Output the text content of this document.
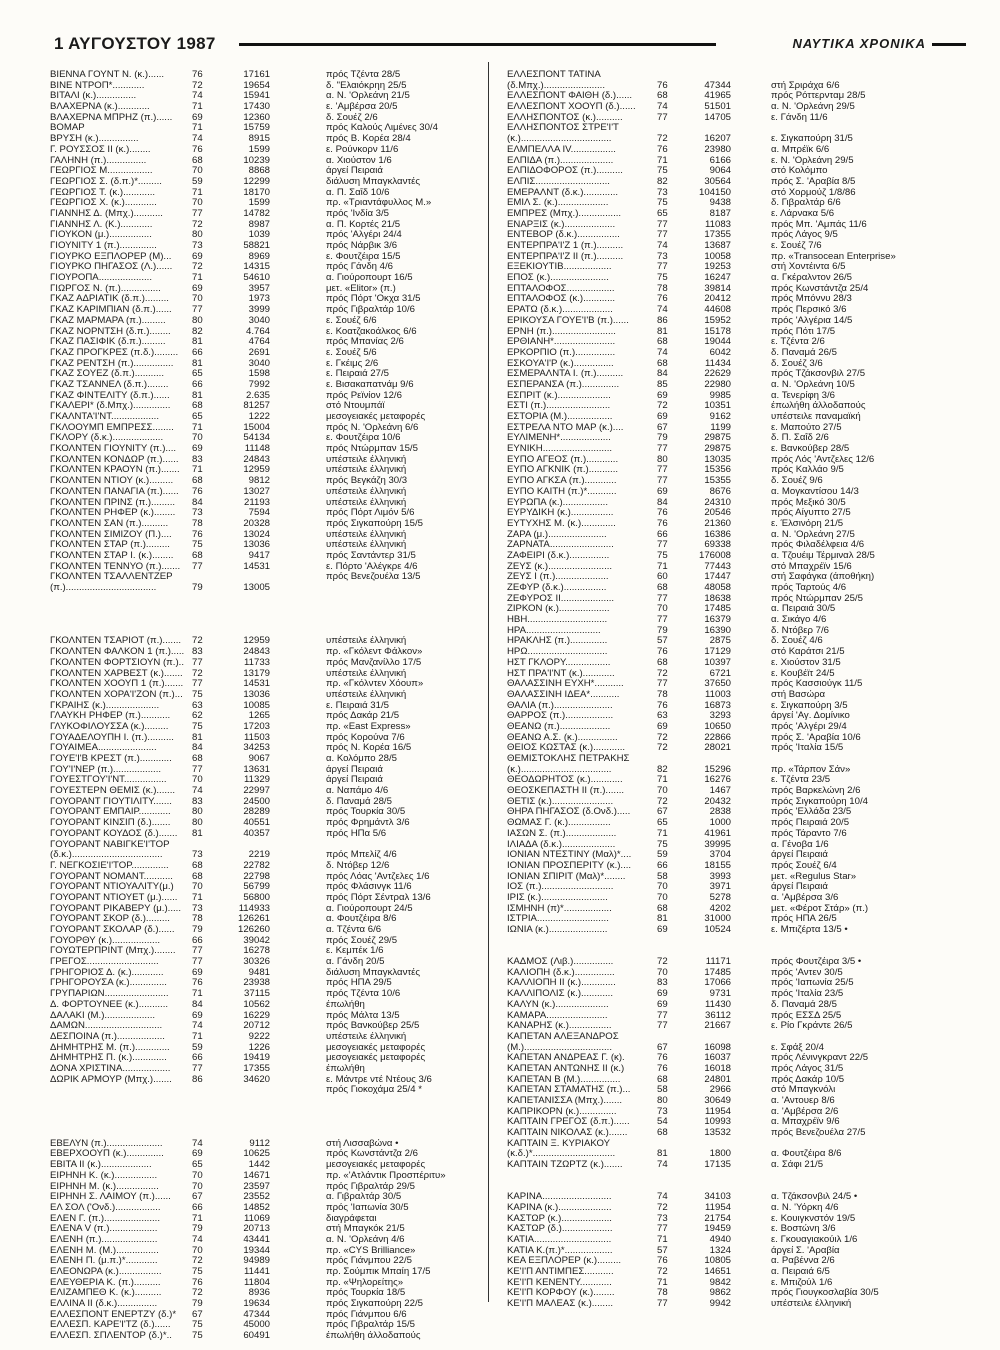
1 ΑΥΓΟΥΣΤΟΥ 1987	ΝΑΥΤΙΚΑ ΧΡΟΝΙΚΑ
ΒΙΕΝΝΑ ΓΟΥΝΤ Ν. (κ.)......	76	17161	πρός Τζέντα 28/5
ΒΙΝΕ ΝΤΡΟΠ*............	72	19654	δ. "Ελαιόκρηη 25/5
ΒΙΤΑΛΙ (κ.)...............	74	15941	α. Ν. 'Ορλεάνη 21/5
ΒΛΑΧΕΡΝΑ (κ.)............	71	17430	ε. 'Αμβέρσα 20/5
ΒΛΑΧΕΡΝΑ ΜΠΡΗΖ (π.)......	69	12360	δ. Σουέζ 2/6
ΒΟΜΑΡ	71	15759	πρός Καλούς Λιμένες 30/4
ΒΡΥΣΗ (κ.)...............	74	8915	πρός Β. Κορέα 28/4
Γ. ΡΟΥΣΣΟΣ ΙΙ (κ.)........	76	1599	ε. Ρούνκορν 11/6
ΓΑΛΗΝΗ (π.)...............	68	10239	α. Χιούστον 1/6
ΓΕΩΡΓΙΟΣ Μ.................	70	8868	άργεί Πειραιά
ΓΕΩΡΓΙΟΣ Σ. (δ.π.)*.........	59	12299	διάλυση Μπαγκλαντές
ΓΕΩΡΓΙΟΣ Τ. (κ.)............	71	18170	α. Π. Σαΐδ 10/6
ΓΕΩΡΓΙΟΣ Χ. (κ.)............	70	1599	πρ. «Τριαντάφυλλος Μ.»
ΓΙΑΝΝΗΣ Δ. (Μπχ.)...........	77	14782	πρός 'Ινδία 3/5
ΓΙΑΝΝΗΣ Λ. (Κ.)............	72	8987	α. Π. Κορτές 21/5
ΓΙΟΥΚΟΝ (μ.)................	80	1039	πρός 'Αλγέρι 24/4
ΓΙΟΥΝΙΤΥ 1 (π.)..............	73	58821	πρός Νάρβικ 3/6
ΓΙΟΥΡΚΟ ΕΞΠΛΟΡΕΡ (Μ)...	69	8969	ε. Φουτζέιρα 15/5
ΓΙΟΥΡΚΟ ΠΗΓΑΣΟΣ (Λ.)......	72	14315	πρός Γάνδη 4/6
ΓΙΟΥΡΟΠΑ....................	71	54610	α. Γιούροπουρτ 16/5
ΓΙΩΡΓΟΣ Ν. (π.)...............	69	3957	μετ. «Elitor» (π.)
ΓΚΑΖ ΑΔΡΙΑΤΙΚ (δ.π.).........	70	1973	πρός Πόρτ 'Οκχα 31/5
ΓΚΑΖ ΚΑΡΙΜΠΙΑΝ (δ.π.)......	77	3999	πρός Γιβραλτάρ 10/6
ΓΚΑΖ ΜΑΡΜΑΡΑ (π.).........	80	3040	ε. Σουέζ 6/6
ΓΚΑΖ ΝΟΡΝΤΣΗ (δ.π.)........	82	4.764	ε. Κοατζακοάλκος 6/6
ΓΚΑΖ ΠΑΣΙΦΙΚ (δ.π.).........	81	4764	πρός Μπανίας 2/6
ΓΚΑΖ ΠΡΟΓΚΡΕΣ (π.δ.).........	66	2691	ε. Σουέζ 5/6
ΓΚΑΖ ΡΕΝΤΣΗ (π.)...............	81	3040	ε. Γκέιμς 2/6
ΓΚΑΖ ΣΟΥΕΖ (δ.π.)...........	65	1598	ε. Πειραιά 27/5
ΓΚΑΖ ΤΣΑΝΝΕΛ (δ.π.)........	66	7992	ε. Βισακαπατνάμ 9/6
ΓΚΑΖ ΦΙΝΤΕΛΙΤΥ (δ.π.)......	81	2.635	πρός Ρεϊνίον 12/6
ΓΚΑΛΕΡΙ* (δ.Μπχ.)..............	68	81257	στό Ντουμπάϊ
ΓΚΑΛΝΤΑ'Ι'ΝΤ..................	65	1222	μεσογειακές μεταφορές
ΓΚΛΟΟΥΜΠ ΕΜΠΡΕΣΣ........	71	15004	πρός Ν. 'Ορλεάνη 6/6
ΓΚΛΟΡΥ (δ.κ.)...................	70	54134	ε. Φουτζέιρα 10/6
ΓΚΟΛΝΤΕΝ ΓΙΟΥΝΙΤΥ (π.)....	69	11148	πρός Ντώρμπαν 15/5
ΓΚΟΛΝΤΕΝ ΚΟΝΔΩΡ (π.)......	83	24843	υπέστειλε έλληνική
ΓΚΟΛΝΤΕΝ ΚΡΑΟΥΝ (π.).......	71	12959	υπέστειλε έλληνική
ΓΚΟΛΝΤΕΝ ΝΤΙΟΥ (κ.).........	68	9812	πρός Βεγκάζη 30/3
ΓΚΟΛΝΤΕΝ ΠΑΝΑΓΙΑ (π.)......	76	13027	υπέστειλε έλληνική
ΓΚΟΛΝΤΕΝ ΠΡΙΝΣ (π.).........	84	21193	υπέστειλε έλληνική
ΓΚΟΛΝΤΕΝ ΡΗΦΕΡ (κ.)........	73	7594	πρός Πόρτ Λιμόν 5/6
ΓΚΟΛΝΤΕΝ ΣΑΝ (π.)..........	78	20328	πρός Σιγκαπούρη 15/5
ΓΚΟΛΝΤΕΝ ΣΙΜΙΖΟΥ (Π.)....	76	13024	υπέστειλε έλληνική
ΓΚΟΛΝΤΕΝ ΣΤΑΡ (π.).........	75	13036	υπέστειλε έλληνική
ΓΚΟΛΝΤΕΝ ΣΤΑΡ Ι. (κ.)........	68	9417	πρός Σαντάντερ 31/5
ΓΚΟΛΝΤΕΝ ΤΕΝΝΥΟ (π.).......	77	14531	ε. Πόρτο 'Αλέγκρε 4/6
ΓΚΟΛΝΤΕΝ ΤΣΑΛΛΕΝΤΖΕΡ	πρός Βενεζουέλα 13/5
(π.)..................................	79	13005
ΓΚΟΛΝΤΕΝ ΤΣΑΡΙΟΤ (π.).......	72	12959	υπέστειλε έλληνική
ΓΚΟΛΝΤΕΝ ΦΑΛΚΟΝ 1 (π.)..... 83	24843	πρ. «Γκόλεντ Φάλκον»
ΓΚΟΛΝΤΕΝ ΦΟΡΤΣΙΟΥΝ (π.).. 77	11733	πρός Μανζανίλλο 17/5
ΓΚΟΛΝΤΕΝ ΧΑΡΒΕΣΤ (κ.)....... 72	13179	υπέστειλε έλληνική
ΓΚΟΛΝΤΕΝ ΧΟΟΥΠ 1 (π.)....... 77	14531	πρ. «Γκόλντεν Χόουπ»
ΓΚΟΛΝΤΕΝ ΧΟΡΑ'Ι'ΖΟΝ (π.)... 75	13036	υπέστειλε έλληνική
ΓΚΡΑΙΗΣ (κ.)....................	63	10085	ε. Πειραιά 31/5
ΓΛΑΥΚΗ ΡΗΦΕΡ (π.)...........	62	1265	πρός Δακάρ 21/5
ΓΛΥΚΟΦΙΛΟΥΣΣΑ (κ.).........	75	17203	πρ. «East Express»
ΓΟΥΑΔΕΛΟΥΠΗ Ι. (π.)..........	81	11503	πρός Κορούνα 7/6
ΓΟΥΑΙΜΕΑ......................	84	34253	πρός Ν. Κορέα 16/5
ΓΟΥΕ'Ι'Β ΚΡΕΣΤ (π.)............	68	9067	α. Κολόμπο 28/5
ΓΟΥ'Ι'ΝΕΡ (π.)..................	77	13631	άργεί Πειραιά
ΓΟΥΕΣΤΓΟΥ'Ι'ΝΤ................	70	11329	άργεί Πειραιά
ΓΟΥΕΣΤΕΡΝ ΘΕΜΙΣ (κ.).......	74	22997	α. Ναπάμο 4/6
ΓΟΥΟΡΑΝΤ ΓΙΟΥΤΙΛΙΤΥ.......	83	24500	δ. Παναμά 28/5
ΓΟΥΟΡΑΝΤ ΕΜΠΑΙΡ............	80	28289	πρός Τουρκία 30/5
ΓΟΥΟΡΑΝΤ ΚΙΝΣΙΠ (δ.).......	80	40551	πρός Φρημάντλ 3/6
ΓΟΥΟΡΑΝΤ ΚΟΥΔΟΣ (δ.).......	81	40357	πρός ΗΠα 5/6
ΓΟΥΟΡΑΝΤ ΝΑΒΙΓΚΕ'Ι'ΤΟΡ
(δ.κ.)..................................	73	2219	πρός Μπελίζ 4/6
Γ. ΝΕΓΚΟΣΙΕ'Ι'ΤΟΡ..............	68	22782	δ. Ντόβερ 12/6
ΓΟΥΟΡΑΝΤ ΝΟΜΑΝΤ...........	68	22798	πρός Λόας 'Αντζελες 1/6
ΓΟΥΟΡΑΝΤ ΝΤΙΟΥΑΛΙΤΥ(μ.)	70	56799	πρός Φλάσινγκ 11/6
ΓΟΥΟΡΑΝΤ ΝΤΙΟΥΕΤ (μ.)......	71	56800	πρός Πόρτ Σέντραλ 13/6
ΓΟΥΟΡΑΝΤ ΡΙΚΑΒΕΡΥ (μ.).....	73	114933	α. Γιούροπουρτ 24/5
ΓΟΥΟΡΑΝΤ ΣΚΟΡ (δ.).........	78	126261	α. Φουτζέιρα 8/6
ΓΟΥΟΡΑΝΤ ΣΚΟΛΑΡ (δ.)......	79	126260	α. Τζέντα 6/6
ΓΟΥΟΡΘΥ (κ.)..................	66	39042	πρός Σουέζ 29/5
ΓΟΥΩΤΕΡΠΡΙΝΤ (Μπχ.)........	77	16278	ε. Κεμπέκ 1/6
ΓΡΕΓΟΣ...........................	77	30326	α. Γάνδη 20/5
ΓΡΗΓΟΡΙΟΣ Δ. (κ.)............	69	9481	διάλυση Μπαγκλαντές
ΓΡΗΓΟΡΟΥΣΑ (κ.)..............	76	23938	πρός ΗΠΑ 29/5
ΓΡΥΠΑΡΙΩΝ........................	71	37115	πρός Τζέντα 10/6
Δ. ΦΟΡΤΟΥΝΕΕ (κ.)...........	84	10562	έπωλήθη
ΔΑΛΑΚΙ (Μ.)...................	69	16229	πρός Μάλτα 13/5
ΔΑΜΩΝ.............................	74	20712	πρός Βανκούβερ 25/5
ΔΕΣΠΟΙΝΑ (π.)..................	71	9222	υπέστειλε έλληνική
ΔΗΜΗΤΡΗΣ Μ. (π.).............	59	1226	μεσογειακές μεταφορές
ΔΗΜΗΤΡΗΣ Π. (κ.).............	66	19419	μεσογειακές μεταφορές
ΔΟΝΑ ΧΡΙΣΤΙΝΑ..................	77	17355	έπωλήθη
ΔΩΡΙΚ ΑΡΜΟΥΡ (Μπχ.).......	86	34620	ε. Μάντρε ντέ Ντέους 3/6
πρός Γιοκοχάμα 25/4 *
ΕΒΕΛΥΝ (π.).....................	74	9112	στή Λισσαβώνα •
ΕΒΕΡΧΟΟΥΠ (κ.)..............	69	10625	πρός Κωνστάντζα 2/6
ΕΒΙΤΑ ΙΙ (κ.)...................	65	1442	μεσογειακές μεταφορές
ΕΙΡΗΝΗ Κ. (κ.)................	70	14671	πρ. «'Ατλάντικ Προσπέριτυ»
ΕΙΡΗΝΗ Μ. (κ.)................	70	23597	πρός Γιβραλτάρ 29/5
ΕΙΡΗΝΗ Σ. ΛΑΙΜΟΥ (π.)......	67	23552	α. Γιβραλτάρ 30/5
ΕΛ ΣΟΛ ('Ονδ.).................	66	14852	πρός 'Ιαπωνία 30/5
ΕΛΕΝ Γ. (π.).....................	71	11069	διαγράφεται
ΕΛΕΝΑ V (π.)..................	79	20713	στή Μπαγκόκ 21/5
ΕΛΕΝΗ (π.).....................	74	43441	α. Ν. 'Ορλεάνη 4/6
ΕΛΕΝΗ Μ. (Μ.)................	70	19344	πρ. «CYS Brilliance»
ΕΛΕΝΗ Π. (μ.π.)*............	72	94989	πρός Γιάνμπου 22/5
ΕΛΕΟΝΩΡΑ (κ.)................	75	11441	πρ. Σούμπικ Μπαίη 17/5
ΕΛΕΥΘΕΡΙΑ Κ. (π.)..........	76	11804	πρ. «Ψηλορείτης»
ΕΛΙΖΑΜΠΕΘ Κ. (κ.)..........	72	8936	πρός Τουρκία 18/5
ΕΛΛΙΝΑ ΙΙ (δ.κ.)...............	79	19634	πρός Σιγκαπούρη 22/5
ΕΛΛΕΣΠΟΝΤ ΕΝΕΡΤΖΥ (δ.)*	67	47344	πρός Γιάνμπου 6/6
ΕΛΛΕΣΠ. ΚΑΡΕ'Ι'ΤΖ (δ.)......	75	45000	πρός Γιβραλτάρ 15/5
ΕΛΛΕΣΠ. ΣΠΛΕΝΤΟΡ (δ.)*..	75	60491	έπωλήθη άλλοδαπούς
ΕΛΛΕΣΠΟΝΤ ΤΑΤΙΝΑ
(δ.Μπχ.).......................	76	47344	στή Σριράχα 6/6
ΕΛΛΕΣΠΟΝΤ ΦΑΙΘΗ (δ.)......	68	41965	πρός Ρόττερνταμ 28/5
ΕΛΛΕΣΠΟΝΤ ΧΟΟΥΠ (δ.)......	74	51501	α. Ν. 'Ορλεάνη 29/5
ΕΛΛΗΣΠΟΝΤΟΣ (κ.)..........	77	14705	ε. Γάνδη 11/6
ΕΛΛΗΣΠΟΝΤΟΣ ΣΤΡΕ'Ι'Τ
(κ.)..................................	72	16207	ε. Σιγκαπούρη 31/5
ΕΛΜΠΕΛΛΑ IV.................	76	23980	α. Μπρέϊκ 6/6
ΕΛΠΙΔΑ (π.)....................	71	6166	ε. Ν. 'Ορλεάνη 29/5
ΕΛΠΙΔΟΦΟΡΟΣ (π.)..........	75	9064	στό Κολόμπο
ΕΛΠΙΣ............................	82	30564	πρός Σ. 'Αραβία 8/5
ΕΜΕΡΑΛΝΤ (δ.κ.).............	73	104150	στό Χορμούζ 1/8/86
ΕΜΙΛ Σ. (κ.)...................	75	9438	δ. Γιβραλτάρ 6/6
ΕΜΠΡΕΣ (Μπχ.)................	65	8187	ε. Λάρνακα 5/6
ΕΝΑΡΞΙΣ (κ.)...................	77	11083	πρός Μπ. 'Αμπάς 11/6
ΕΝΤΕΒΟΡ (δ.κ.)................	77	17355	πρός Λάγος 9/5
ΕΝΤΕΡΠΡΑ'Ι'Ζ 1 (π.)..........	74	13687	ε. Σουέζ 7/6
ΕΝΤΕΡΠΡΑ'Ι'Ζ ΙΙ (π.)..........	73	10058	πρ. «Transocean Enterprise»
ΕΞΕΚΙΟΥΤΙΒ..................	77	19253	στή Χοντέιντα 6/5
ΕΠΟΣ (κ.)......................	75	16247	α. Γκέραλντον 26/5
ΕΠΤΑΛΟΦΟΣ..................	78	39814	πρός Κωνστάντζα 25/4
ΕΠΤΑΛΟΦΟΣ (κ.)............	76	20412	πρός Μπόννυ 28/3
ΕΡΑΤΩ (δ.κ.)...................	74	44608	πρός Περσικό 3/6
ΕΡΙΚΟΥΣΑ ΓΟΥΕ'Ι'Β (π.)......	86	15952	πρός 'Αλγέρια 14/5
ΕΡΝΗ (π.)........................	81	15178	πρός Πότι 17/5
ΕΡΘΙΑΝΗ*.......................	68	19044	ε. Τζέντα 2/6
ΕΡΚΟΡΠΙΟ (π.)...............	74	6042	δ. Παναμά 26/5
ΕΣΚΟΥΑ'Ι'Ρ (κ.)...............	68	11434	δ. Σουέζ 3/6
ΕΣΜΕΡΑΛΝΤΑ Ι. (π.)..........	84	22629	πρός Τζάκσονβιλ 27/5
ΕΣΠΕΡΑΝΣΑ (π.)..............	85	22980	α. Ν. 'Ορλεάνη 10/5
ΕΣΠΡΙΤ (κ.)....................	69	9985	α. Τενερίφη 3/6
ΕΣΤΙ (π.)........................	72	10351	έπωλήθη άλλοδαπούς
ΕΣΤΟΡΙΑ (Μ.).................	69	9162	υπέστειλε παναμαϊκή
ΕΣΤΡΕΛΑ ΝΤΟ ΜΑΡ (κ.)....	67	1199	ε. Μαπούτο 27/5
ΕΥΛΙΜΕΝΗ*...................	79	29875	δ. Π. Σαΐδ 2/6
ΕΥΝΙΚΗ..........................	77	29875	ε. Βανκούβερ 28/5
ΕΥΠΟ ΑΓΕΟΣ (π.)............	80	13035	πρός Λός 'Αντζελες 12/6
ΕΥΠΟ ΑΓΚΝΙΚ (π.)...........	77	15356	πρός Καλλάο 9/5
ΕΥΠΟ ΑΓΚΣΑ (π.)............	77	15355	δ. Σουέζ 9/6
ΕΥΠΟ ΚΑΙΤΗ (π.)*...........	69	8676	α. Μογκαντίσου 14/3
ΕΥΡΩΠΑ (κ.).................	84	24310	πρός Μεξικό 30/5
ΕΥΡΥΔΙΚΗ (κ.)................	76	20546	πρός Αίγυπτο 27/5
ΕΥΤΥΧΗΣ Μ. (κ.).............	76	21360	ε. Έλσινόρη 21/5
ΖΑΡΑ (μ.)......................	66	16386	α. Ν. 'Ορλεάνη 27/5
ΖΑΡΝΑΤΑ........................	77	69338	πρός Φιλαδέλφεια 4/6
ΖΑΦΕΙΡΙ (δ.κ.)...............	75	176008	α. Τζουέιμ Τέρμιναλ 28/5
ΖΕΥΣ (κ.)........................	71	77443	στό Μπαχρέϊν 15/6
ΖΕΥΣ Ι (π.)....................	60	17447	στή Σαφάγκα (άποθήκη)
ΖΕΦΥΡ (δ.κ.)................	68	48058	πρός Ταρτούς 4/6
ΖΕΦΥΡΟΣ ΙΙ....................	77	18638	πρός Ντώρμπαν 25/5
ΖΙΡΚΟΝ (κ.)...................	70	17485	α. Πειραιά 30/5
ΗΒΗ..............................	77	16379	α. Σικάγο 4/6
ΗΡΑ............................	79	16390	δ. Ντόβερ 7/6
ΗΡΑΚΛΗΣ (π.)..............	57	2875	δ. Σουέζ 4/6
ΗΡΩ..............................	76	17129	στό Καράτσι 21/5
ΗΣΤ ΓΚΛΟΡΥ.................	68	10397	ε. Χιούστον 31/5
ΗΣΤ ΠΡΑ'Ι'ΝΤ (κ.)............	72	6721	ε. Κουβέϊτ 24/5
ΘΑΛΑΣΣΙΝΗ ΕΥΧΗ*...........	77	37650	πρός Κασσιούγκ 11/5
ΘΑΛΑΣΣΙΝΗ ΙΔΕΑ*...........	78	11003	στή Βασώρα
ΘΑΛΙΑ (π.)......................	76	16873	ε. Σιγκαπούρη 3/5
ΘΑΡΡΟΣ (π.)..................	63	3293	άργεί 'Αγ. Δομίνικο
ΘΕΑΝΩ (π.)...................	69	10650	πρός 'Αλγέρι 29/4
ΘΕΑΝΩ Α.Σ. (κ.)...............	72	22866	πρός Σ. 'Αραβία 10/6
ΘΕΙΟΣ ΚΩΣΤΑΣ (κ.)............	72	28021	πρός 'Ιταλία 15/5
ΘΕΜΙΣΤΟΚΛΗΣ ΠΕΤΡΑΚΗΣ
(κ.)..................................	82	15296	πρ. «Τάρπον Σάν»
ΘΕΟΔΩΡΗΤΟΣ (κ.)............	71	16276	ε. Τζέντα 23/5
ΘΕΟΣΚΕΠΑΣΤΗ ΙΙ (π.).......	70	1467	πρός Βαρκελώνη 2/6
ΘΕΤΙΣ (κ.).......................	72	20432	πρός Σιγκαπούρη 10/4
ΘΗΡΑ ΠΗΓΑΣΟΣ (δ.Ονδ.).....	67	2838	πρός 'Ελλάδα 23/5
ΘΩΜΑΣ Γ. (κ.)................	65	1000	πρός Πειραιά 20/5
ΙΑΣΩΝ Σ. (π.)...................	71	41961	πρός Τάραντο 7/6
ΙΛΙΑΔΑ (δ.κ.)....................	75	39995	α. Γένοβα 1/6
ΙΟΝΙΑΝ ΝΤΕΣΤΙΝΥ (Μαλ)*....	59	3704	άργεί Πειραιά
ΙΟΝΙΑΝ ΠΡΟΣΠΕΡΙΤΥ (κ.)....	66	18155	πρός Σουέζ 6/4
ΙΟΝΙΑΝ ΣΠΙΡΙΤ (Μαλ)*........	58	3993	μετ. «Regulus Star»
ΙΟΣ (π.)...........................	70	3971	άργεί Πειραιά
ΙΡΙΣ (κ.).........................	70	5278	α. 'Αμβέρσα 3/6
ΙΣΜΗΝΗ (π)*..................	68	4202	μετ. «Φέροτ Στάρ» (π.)
ΙΣΤΡΙΑ...........................	81	31000	πρός ΗΠΑ 26/5
ΙΩΝΙΑ (κ.)......................	69	10524	ε. Μπιζέρτα 13/5 •
ΚΑΔΜΟΣ (Λιβ.)...............	72	11171	πρός Φουτζέιρα 3/5 •
ΚΑΛΙΟΠΗ (δ.κ.)...............	70	17485	πρός 'Αντεν 30/5
ΚΑΛΛΙΟΠΗ ΙΙ (κ.).............	83	17066	πρός 'Ιαπωνία 25/5
ΚΑΛΛΙΠΟΛΙΣ (κ.)............	69	9731	πρός 'Ιταλία 23/5
ΚΑΛΥΝ (κ.)....................	69	11430	δ. Παναμά 28/5
ΚΑΜΑΡΑ.......................	77	36112	πρός ΕΣΣΔ 25/5
ΚΑΝΑΡΗΣ (κ.)................	77	21667	ε. Ρίο Γκράντε 26/5
ΚΑΠΕΤΑΝ ΑΛΕΞΑΝΔΡΟΣ
(Μ.).................................	67	16098	ε. Σφάξ 20/4
ΚΑΠΕΤΑΝ ΑΝΔΡΕΑΣ Γ. (κ).	76	16037	πρός Λένινγκραντ 22/5
ΚΑΠΕΤΑΝ ΑΝΤΩΝΗΣ ΙΙ (κ.)	76	16018	πρός Λάγος 31/5
ΚΑΠΕΤΑΝ Β (Μ.)...............	68	24801	πρός Δακάρ 10/5
ΚΑΠΕΤΑΝ ΣΤΑΜΑΤΗΣ (π.)...	58	2966	στό Μπαγκνόλι
ΚΑΠΕΤΑΝΙΣΣΑ (Μπχ.).......	80	30649	α. 'Αντουερ 8/6
ΚΑΠΡΙΚΟΡΝ (κ.)..............	73	11954	α. 'Αμβέρσα 2/6
ΚΑΠΤΑΙΝ ΓΡΕΓΟΣ (δ.π.)......	54	10993	α. Μπαχρέϊν 9/6
ΚΑΠΤΑΙΝ ΝΙΚΟΛΑΣ (κ.).......	68	13532	πρός Βενεζουέλα 27/5
ΚΑΠΤΑΙΝ Ξ. ΚΥΡΙΑΚΟΥ
(κ.δ.)*...............................	81	1800	α. Φουτζέιρα 8/6
ΚΑΠΤΑΙΝ ΤΖΩΡΤΖ (κ.).......	74	17135	α. Σάφι 21/5
ΚΑΡΙΝΑ..........................	74	34103	α. Τζάκσονβιλ 24/5 •
ΚΑΡΙΝΑ (κ.)....................	72	11954	α. Ν. 'Υόρκη 4/6
ΚΑΣΤΩΡ (κ.)...................	73	21754	ε. Κουιγκνστόν 19/5
ΚΑΣΤΩΡ (δ.)...................	77	19459	ε. Βοστώνη 3/6
ΚΑΤΙΑ.............................	71	4940	ε. Γκουαγιακούιλ 1/6
ΚΑΤΙΑ Κ.(π.)*..................	57	1324	άργεί Σ. 'Αραβία
ΚΕΑ ΕΞΠΛΟΡΕΡ (κ.).........	76	10805	α. Ραβέννα 2/6
ΚΕ'Ι'Π ΑΝΤΙΜΠΕΣ...........	72	14651	α. Πειραιά 6/5
ΚΕ'Ι'Π ΚΕΝΕΝΤΥ............	71	9842	ε. Μπιζούλ 1/6
ΚΕ'Ι'Π ΚΟΡΦΟΥ (κ.)........	78	9862	πρός Γιουγκοσλαβία 30/5
ΚΕ'Ι'Π ΜΑΛΕΑΣ (κ.)........	77	9942	υπέστειλε έλληνική
